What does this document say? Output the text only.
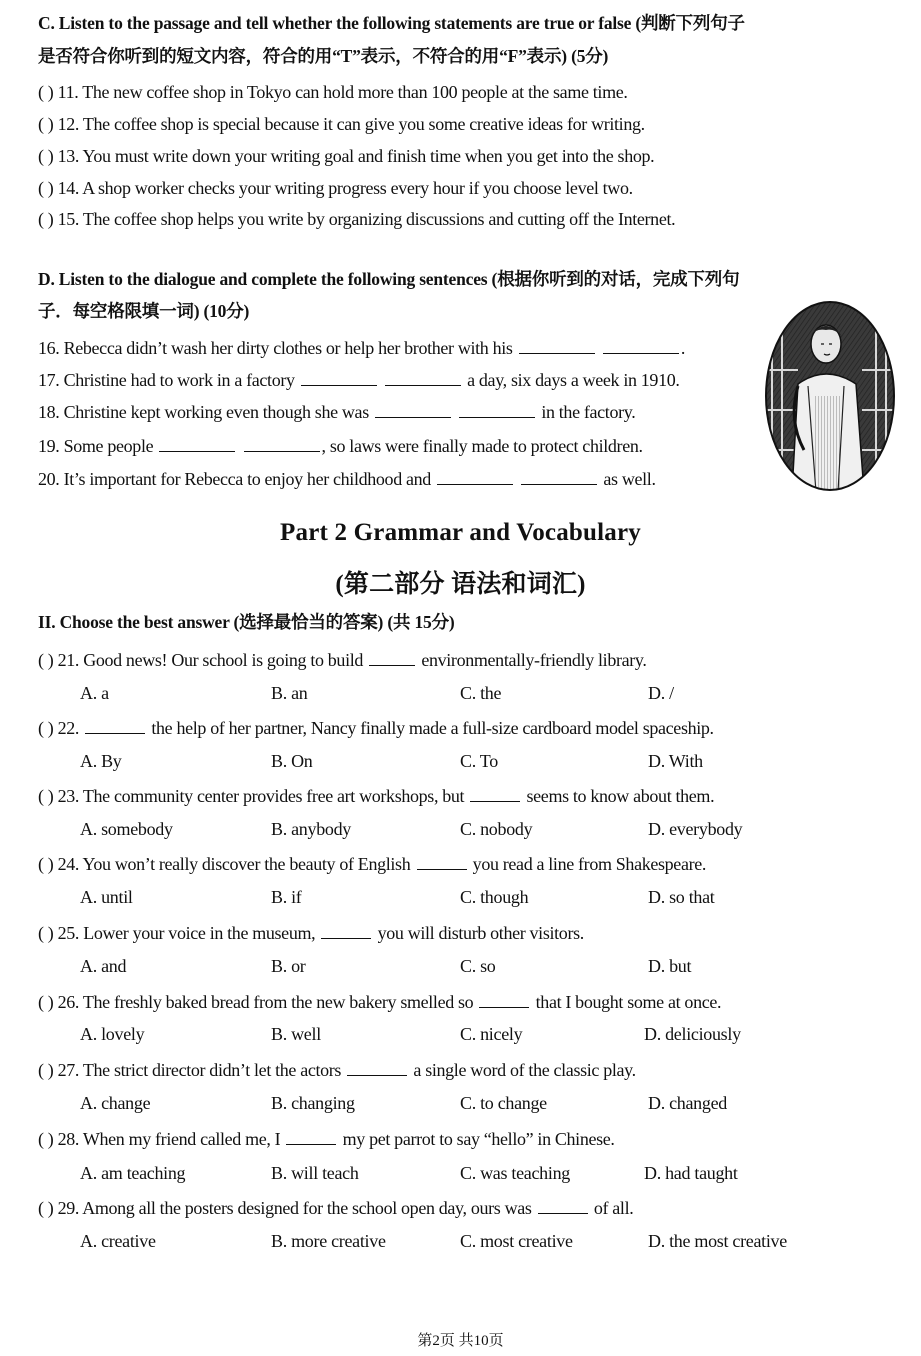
C. Listen to the passage and tell whether the following statements are true or false (判断下列句子
是否符合你听到的短文内容，符合的用“T”表示，不符合的用“F”表示) (5分)
( ) 11. The new coffee shop in Tokyo can hold more than 100 people at the same time.
( ) 12. The coffee shop is special because it can give you some creative ideas for writing.
( ) 13. You must write down your writing goal and finish time when you get into the shop.
( ) 14. A shop worker checks your writing progress every hour if you choose level two.
( ) 15. The coffee shop helps you write by organizing discussions and cutting off the Internet.
D. Listen to the dialogue and complete the following sentences (根据你听到的对话，完成下列句
子．每空格限填一词) (10分)
16. Rebecca didn’t wash her dirty clothes or help her brother with his	.
17. Christine had to work in a factory	a day, six days a week in 1910.
18. Christine kept working even though she was	in the factory.
19. Some people	, so laws were finally made to protect children.
20. It’s important for Rebecca to enjoy her childhood and	as well.
Part 2 Grammar and Vocabulary
(第二部分 语法和词汇)
II. Choose the best answer (选择最恰当的答案) (共 15分)
( ) 21. Good news! Our school is going to build	environmentally-friendly library.
A. a	B. an	C. the	D. /
( ) 22.	the help of her partner, Nancy finally made a full-size cardboard model spaceship.
A. By	B. On	C. To	D. With
( ) 23. The community center provides free art workshops, but	seems to know about them.
A. somebody	B. anybody	C. nobody	D. everybody
( ) 24. You won’t really discover the beauty of English	you read a line from Shakespeare.
A. until	B. if	C. though	D. so that
( ) 25. Lower your voice in the museum,	you will disturb other visitors.
A. and	B. or	C. so	D. but
( ) 26. The freshly baked bread from the new bakery smelled so	that I bought some at once.
A. lovely	B. well	C. nicely	D. deliciously
( ) 27. The strict director didn’t let the actors	a single word of the classic play.
A. change	B. changing	C. to change	D. changed
( ) 28. When my friend called me, I	my pet parrot to say “hello” in Chinese.
A. am teaching	B. will teach	C. was teaching	D. had taught
( ) 29. Among all the posters designed for the school open day, ours was	of all.
A. creative	B. more creative	C. most creative	D. the most creative
第2页 共10页
